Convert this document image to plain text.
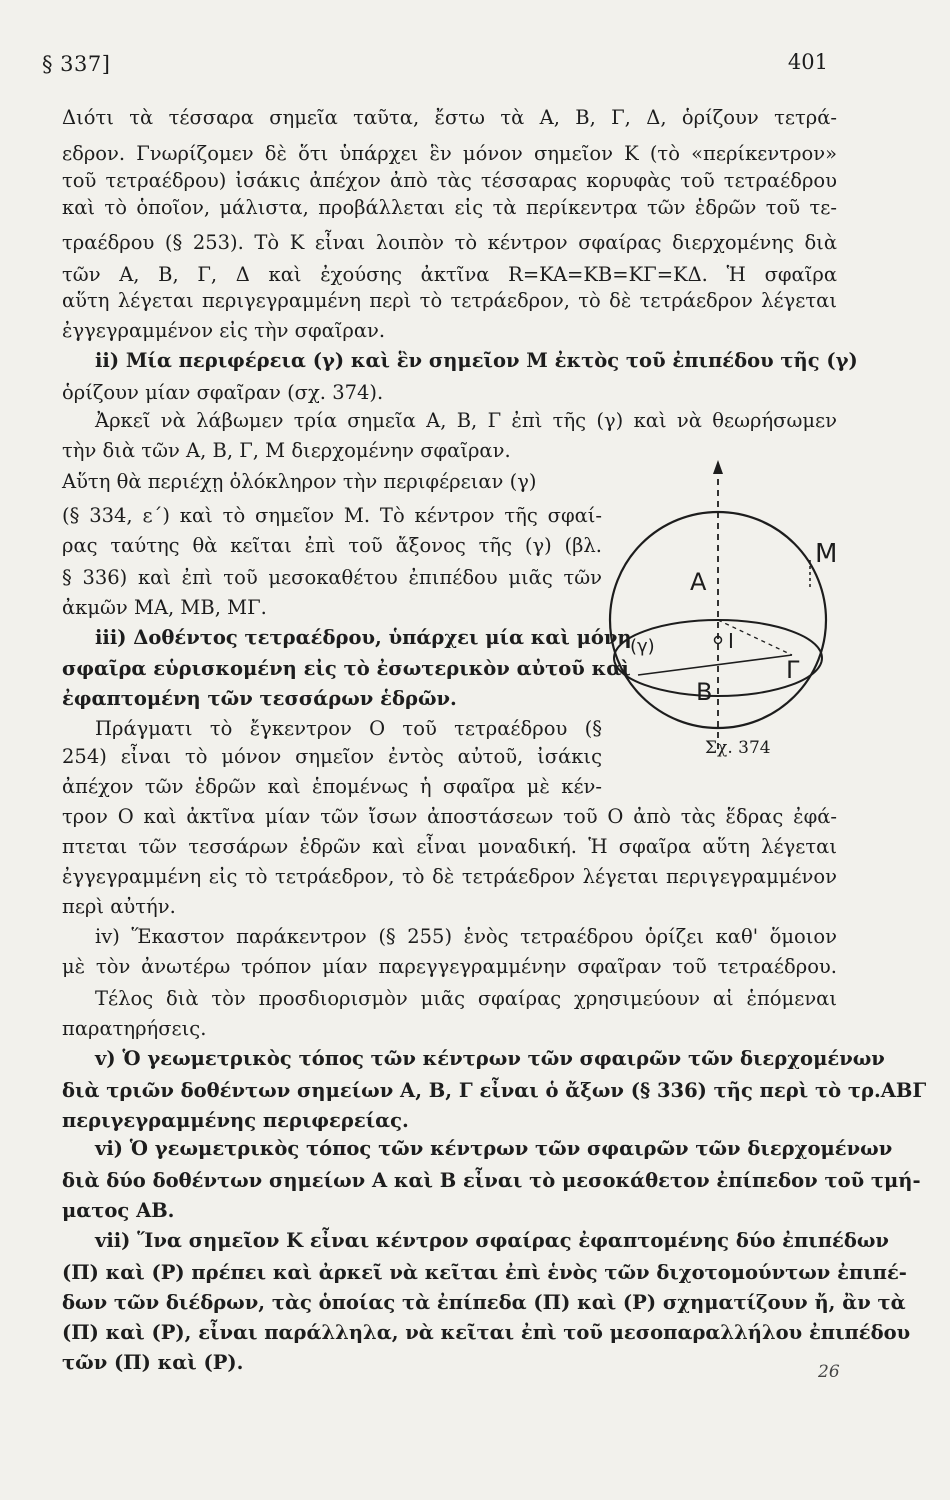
§ 337]	401
Διότι τὰ τέσσαρα σημεῖα ταῦτα, ἔστω τὰ Α, Β, Γ, Δ, ὁρίζουν τετρά-
εδρον. Γνωρίζομεν δὲ ὅτι ὑπάρχει ἓν μόνον σημεῖον Κ (τὸ «περίκεντρον»
τοῦ τετραέδρου) ἰσάκις ἀπέχον ἀπὸ τὰς τέσσαρας κορυφὰς τοῦ τετραέδρου
καὶ τὸ ὁποῖον, μάλιστα, προβάλλεται εἰς τὰ περίκεντρα τῶν ἑδρῶν τοῦ τε-
τραέδρου (§ 253). Τὸ Κ εἶναι λοιπὸν τὸ κέντρον σφαίρας διερχομένης διὰ
τῶν Α, Β, Γ, Δ καὶ ἐχούσης ἀκτῖνα R=KA=KB=KΓ=KΔ. Ἡ σφαῖρα
αὕτη λέγεται περιγεγραμμένη περὶ τὸ τετράεδρον, τὸ δὲ τετράεδρον λέγεται
ἐγγεγραμμένον εἰς τὴν σφαῖραν.
ii) Μία περιφέρεια (γ) καὶ ἓν σημεῖον Μ ἐκτὸς τοῦ ἐπιπέδου τῆς (γ)
ὁρίζουν μίαν σφαῖραν (σχ. 374).
Ἀρκεῖ νὰ λάβωμεν τρία σημεῖα Α, Β, Γ ἐπὶ τῆς (γ) καὶ νὰ θεωρήσωμεν
τὴν διὰ τῶν Α, Β, Γ, Μ διερχομένην σφαῖραν.
Αὕτη θὰ περιέχῃ ὁλόκληρον τὴν περιφέρειαν (γ)
(§ 334, ε΄) καὶ τὸ σημεῖον Μ. Τὸ κέντρον τῆς σφαί-
ρας ταύτης θὰ κεῖται ἐπὶ τοῦ ἄξονος τῆς (γ) (βλ.
§ 336) καὶ ἐπὶ τοῦ μεσοκαθέτου ἐπιπέδου μιᾶς τῶν
ἀκμῶν ΜΑ, ΜΒ, ΜΓ.
iii) Δοθέντος τετραέδρου, ὑπάρχει μία καὶ μόνη
σφαῖρα εὑρισκομένη εἰς τὸ ἐσωτερικὸν αὐτοῦ καὶ
ἐφαπτομένη τῶν τεσσάρων ἑδρῶν.
Πράγματι τὸ ἔγκεντρον Ο τοῦ τετραέδρου (§
254) εἶναι τὸ μόνον σημεῖον ἐντὸς αὐτοῦ, ἰσάκις
ἀπέχον τῶν ἑδρῶν καὶ ἑπομένως ἡ σφαῖρα μὲ κέν-
τρον Ο καὶ ἀκτῖνα μίαν τῶν ἴσων ἀποστάσεων τοῦ Ο ἀπὸ τὰς ἕδρας ἐφά-
πτεται τῶν τεσσάρων ἑδρῶν καὶ εἶναι μοναδική. Ἡ σφαῖρα αὕτη λέγεται
ἐγγεγραμμένη εἰς τὸ τετράεδρον, τὸ δὲ τετράεδρον λέγεται περιγεγραμμένον
περὶ αὐτήν.
iv) Ἕκαστον παράκεντρον (§ 255) ἑνὸς τετραέδρου ὁρίζει καθ' ὅμοιον
μὲ τὸν ἀνωτέρω τρόπον μίαν παρεγγεγραμμένην σφαῖραν τοῦ τετραέδρου.
Τέλος διὰ τὸν προσδιορισμὸν μιᾶς σφαίρας χρησιμεύουν αἱ ἑπόμεναι
παρατηρήσεις.
v) Ὁ γεωμετρικὸς τόπος τῶν κέντρων τῶν σφαιρῶν τῶν διερχομένων
διὰ τριῶν δοθέντων σημείων Α, Β, Γ εἶναι ὁ ἄξων (§ 336) τῆς περὶ τὸ τρ.ΑΒΓ
περιγεγραμμένης περιφερείας.
vi) Ὁ γεωμετρικὸς τόπος τῶν κέντρων τῶν σφαιρῶν τῶν διερχομένων
διὰ δύο δοθέντων σημείων Α καὶ Β εἶναι τὸ μεσοκάθετον ἐπίπεδον τοῦ τμή-
ματος ΑΒ.
vii) Ἵνα σημεῖον Κ εἶναι κέντρον σφαίρας ἐφαπτομένης δύο ἐπιπέδων
(Π) καὶ (Ρ) πρέπει καὶ ἀρκεῖ νὰ κεῖται ἐπὶ ἑνὸς τῶν διχοτομούντων ἐπιπέ-
δων τῶν διέδρων, τὰς ὁποίας τὰ ἐπίπεδα (Π) καὶ (Ρ) σχηματίζουν ἤ, ἂν τὰ
(Π) καὶ (Ρ), εἶναι παράλληλα, νὰ κεῖται ἐπὶ τοῦ μεσοπαραλλήλου ἐπιπέδου
τῶν (Π) καὶ (Ρ).
M
A
I
(γ)
Γ
B
Σχ. 374
26
